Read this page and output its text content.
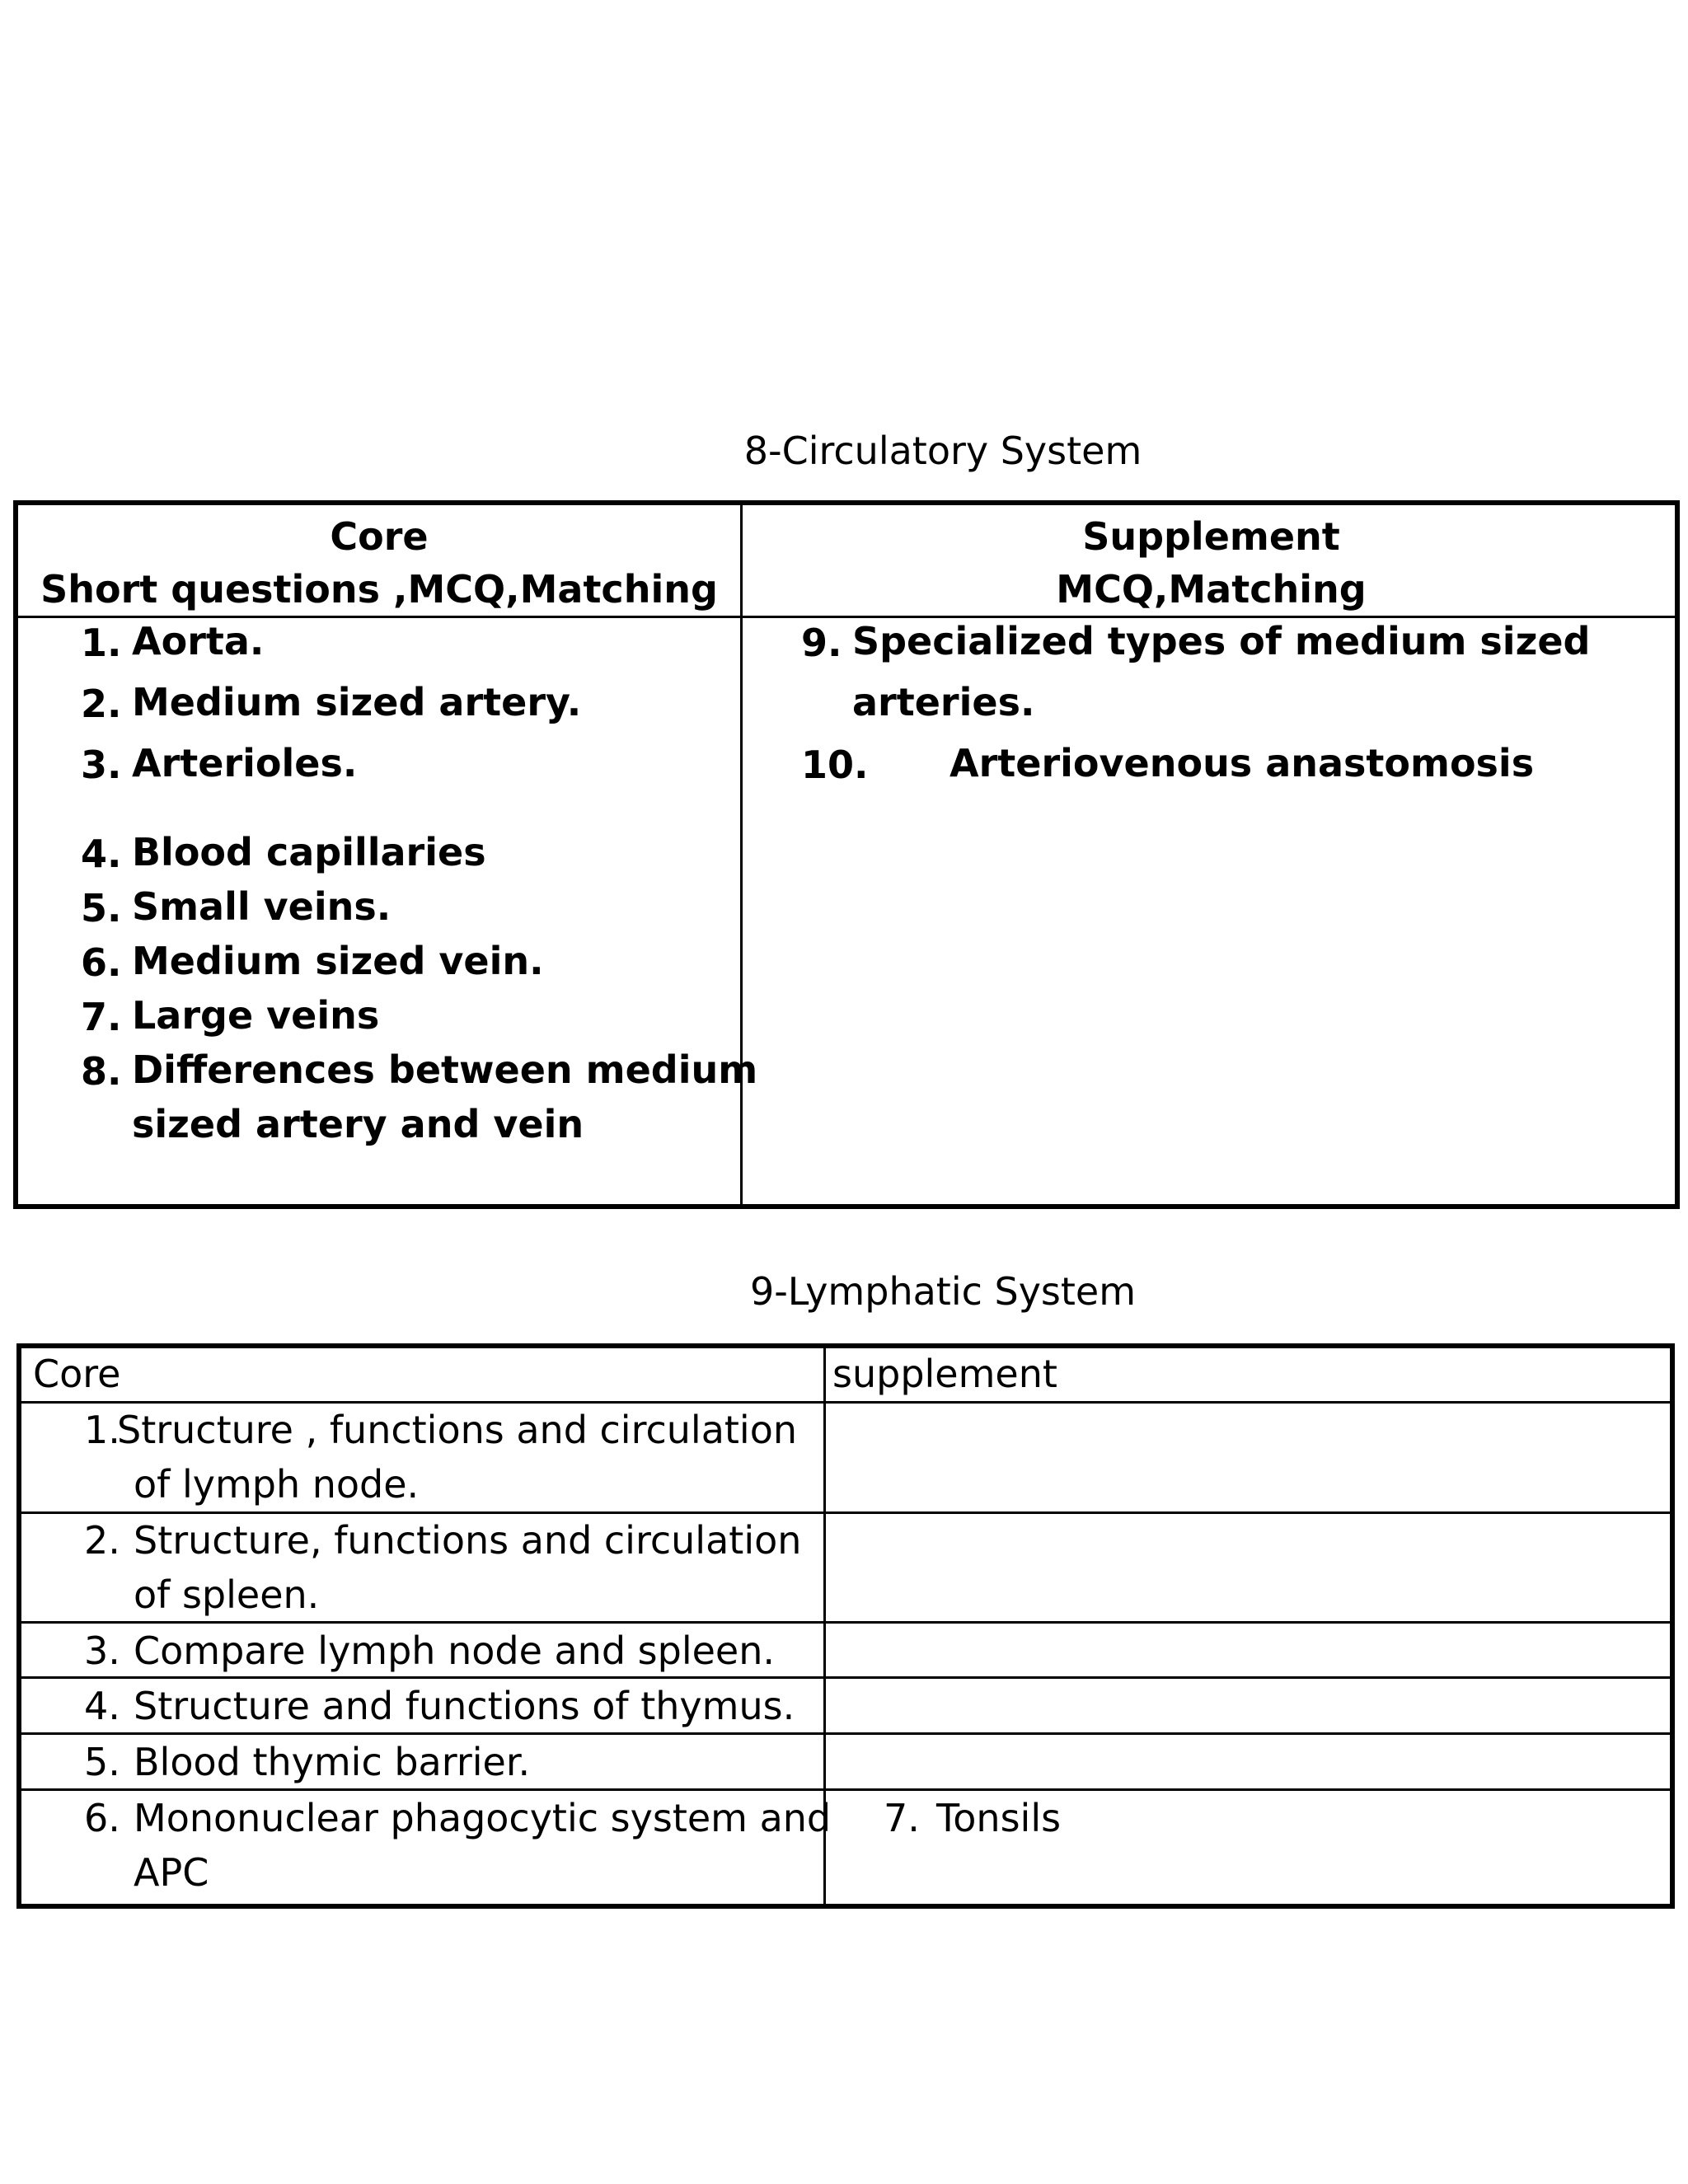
8-Circulatory System
Core
Short questions ,MCQ,Matching
Supplement
MCQ,Matching
1. Aorta.
2. Medium sized artery.
3. Arterioles.
4. Blood capillaries
5. Small veins.
6. Medium sized vein.
7. Large veins
8. Differences between medium
sized artery and vein
9. Specialized types of medium sized
arteries.
10. Arteriovenous anastomosis
9-Lymphatic System
Core	supplement
1.
Structure , functions and circulation
of lymph node.
2. Structure, functions and circulation
of spleen.
3. Compare lymph node and spleen.
4. Structure and functions of thymus.
5. Blood thymic barrier.
6. Mononuclear phagocytic system and
APC
7. Tonsils
